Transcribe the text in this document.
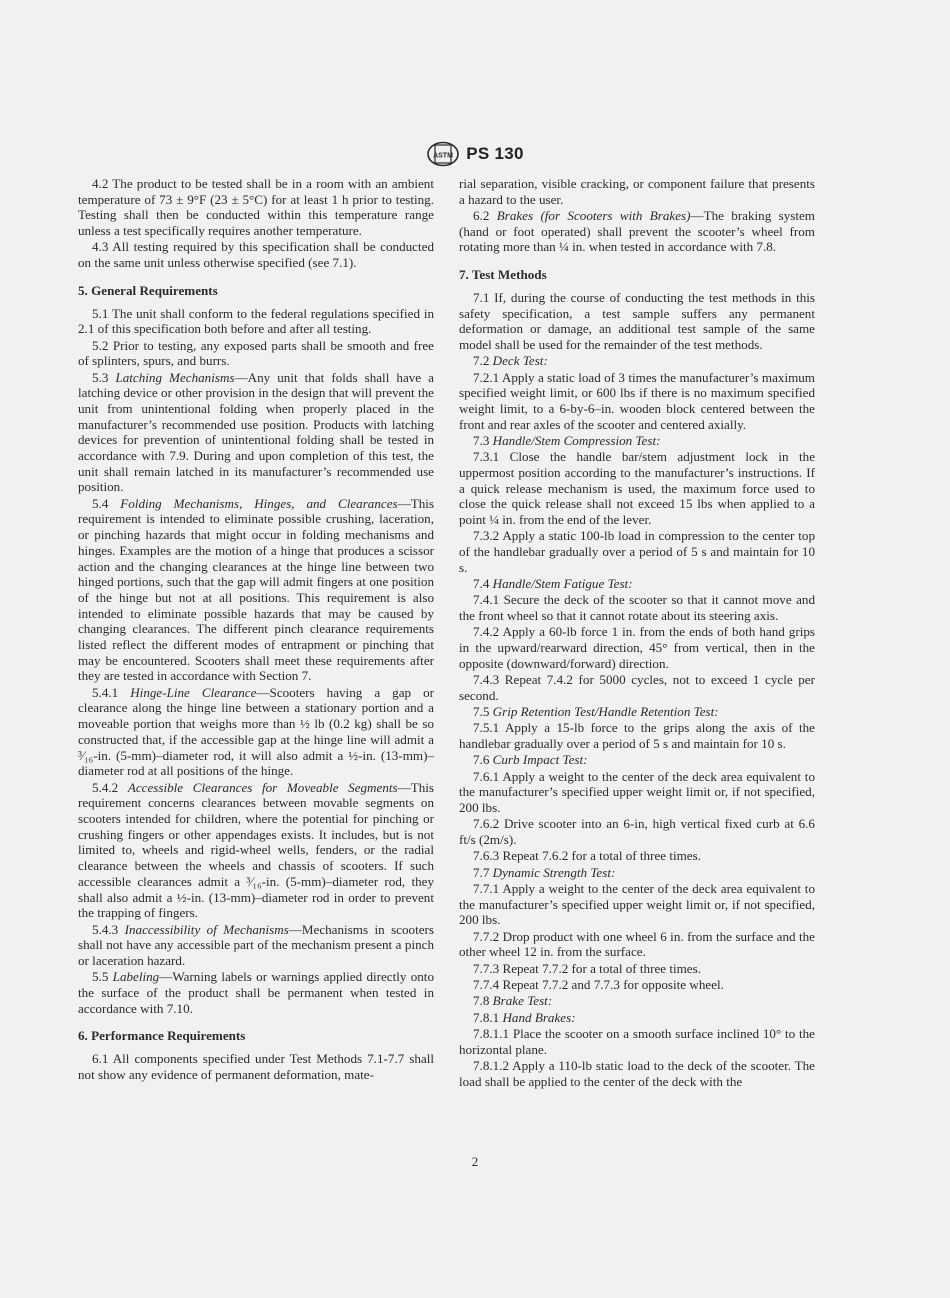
ASTM PS 130

4.2 The product to be tested shall be in a room with an ambient temperature of 73 ± 9°F (23 ± 5°C) for at least 1 h prior to testing. Testing shall then be conducted within this temperature range unless a test specifically requires another temperature.

4.3 All testing required by this specification shall be conducted on the same unit unless otherwise specified (see 7.1).

5. General Requirements

5.1 The unit shall conform to the federal regulations specified in 2.1 of this specification both before and after all testing.

5.2 Prior to testing, any exposed parts shall be smooth and free of splinters, spurs, and burrs.

5.3 Latching Mechanisms—Any unit that folds shall have a latching device or other provision in the design that will prevent the unit from unintentional folding when properly placed in the manufacturer’s recommended use position. Products with latching devices for prevention of unintentional folding shall be tested in accordance with 7.9. During and upon completion of this test, the unit shall remain latched in its manufacturer’s recommended use position.

5.4 Folding Mechanisms, Hinges, and Clearances—This requirement is intended to eliminate possible crushing, laceration, or pinching hazards that might occur in folding mechanisms and hinges. Examples are the motion of a hinge that produces a scissor action and the changing clearances at the hinge line between two hinged portions, such that the gap will admit fingers at one position of the hinge but not at all positions. This requirement is also intended to eliminate possible hazards that may be caused by changing clearances. The different pinch clearance requirements listed reflect the different modes of entrapment or pinching that may be encountered. Scooters shall meet these requirements after they are tested in accordance with Section 7.

5.4.1 Hinge-Line Clearance—Scooters having a gap or clearance along the hinge line between a stationary portion and a moveable portion that weighs more than ½ lb (0.2 kg) shall be so constructed that, if the accessible gap at the hinge line will admit a ³⁄₁₆-in. (5-mm)–diameter rod, it will also admit a ½-in. (13-mm)–diameter rod at all positions of the hinge.

5.4.2 Accessible Clearances for Moveable Segments—This requirement concerns clearances between movable segments on scooters intended for children, where the potential for pinching or crushing fingers or other appendages exists. It includes, but is not limited to, wheels and rigid-wheel wells, fenders, or the radial clearance between the wheels and chassis of scooters. If such accessible clearances admit a ³⁄₁₆-in. (5-mm)–diameter rod, they shall also admit a ½-in. (13-mm)–diameter rod in order to prevent the trapping of fingers.

5.4.3 Inaccessibility of Mechanisms—Mechanisms in scooters shall not have any accessible part of the mechanism present a pinch or laceration hazard.

5.5 Labeling—Warning labels or warnings applied directly onto the surface of the product shall be permanent when tested in accordance with 7.10.

6. Performance Requirements

6.1 All components specified under Test Methods 7.1-7.7 shall not show any evidence of permanent deformation, mate-

rial separation, visible cracking, or component failure that presents a hazard to the user.

6.2 Brakes (for Scooters with Brakes)—The braking system (hand or foot operated) shall prevent the scooter’s wheel from rotating more than ¼ in. when tested in accordance with 7.8.

7. Test Methods

7.1 If, during the course of conducting the test methods in this safety specification, a test sample suffers any permanent deformation or damage, an additional test sample of the same model shall be used for the remainder of the test methods.

7.2 Deck Test:

7.2.1 Apply a static load of 3 times the manufacturer’s maximum specified weight limit, or 600 lbs if there is no maximum specified weight limit, to a 6-by-6–in. wooden block centered between the front and rear axles of the scooter and centered axially.

7.3 Handle/Stem Compression Test:

7.3.1 Close the handle bar/stem adjustment lock in the uppermost position according to the manufacturer’s instructions. If a quick release mechanism is used, the maximum force used to close the quick release shall not exceed 15 lbs when applied to a point ¼ in. from the end of the lever.

7.3.2 Apply a static 100-lb load in compression to the center top of the handlebar gradually over a period of 5 s and maintain for 10 s.

7.4 Handle/Stem Fatigue Test:

7.4.1 Secure the deck of the scooter so that it cannot move and the front wheel so that it cannot rotate about its steering axis.

7.4.2 Apply a 60-lb force 1 in. from the ends of both hand grips in the upward/rearward direction, 45° from vertical, then in the opposite (downward/forward) direction.

7.4.3 Repeat 7.4.2 for 5000 cycles, not to exceed 1 cycle per second.

7.5 Grip Retention Test/Handle Retention Test:

7.5.1 Apply a 15-lb force to the grips along the axis of the handlebar gradually over a period of 5 s and maintain for 10 s.

7.6 Curb Impact Test:

7.6.1 Apply a weight to the center of the deck area equivalent to the manufacturer’s specified upper weight limit or, if not specified, 200 lbs.

7.6.2 Drive scooter into an 6-in, high vertical fixed curb at 6.6 ft/s (2m/s).

7.6.3 Repeat 7.6.2 for a total of three times.

7.7 Dynamic Strength Test:

7.7.1 Apply a weight to the center of the deck area equivalent to the manufacturer’s specified upper weight limit or, if not specified, 200 lbs.

7.7.2 Drop product with one wheel 6 in. from the surface and the other wheel 12 in. from the surface.

7.7.3 Repeat 7.7.2 for a total of three times.

7.7.4 Repeat 7.7.2 and 7.7.3 for opposite wheel.

7.8 Brake Test:

7.8.1 Hand Brakes:

7.8.1.1 Place the scooter on a smooth surface inclined 10° to the horizontal plane.

7.8.1.2 Apply a 110-lb static load to the deck of the scooter. The load shall be applied to the center of the deck with the

2
